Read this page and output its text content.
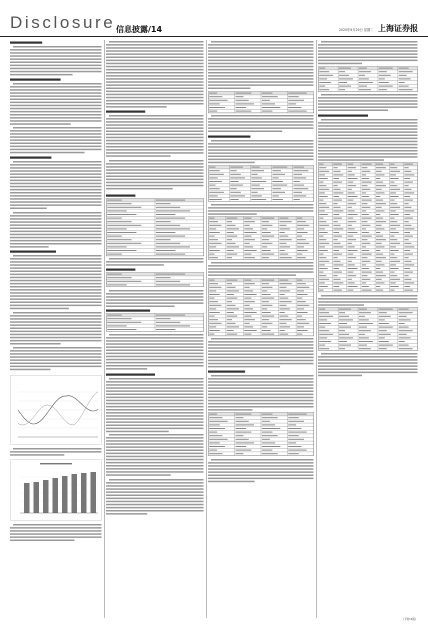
Disclosure 信息披露/14	2020年9月29日 星期二 上海证券报
(下转14版)
